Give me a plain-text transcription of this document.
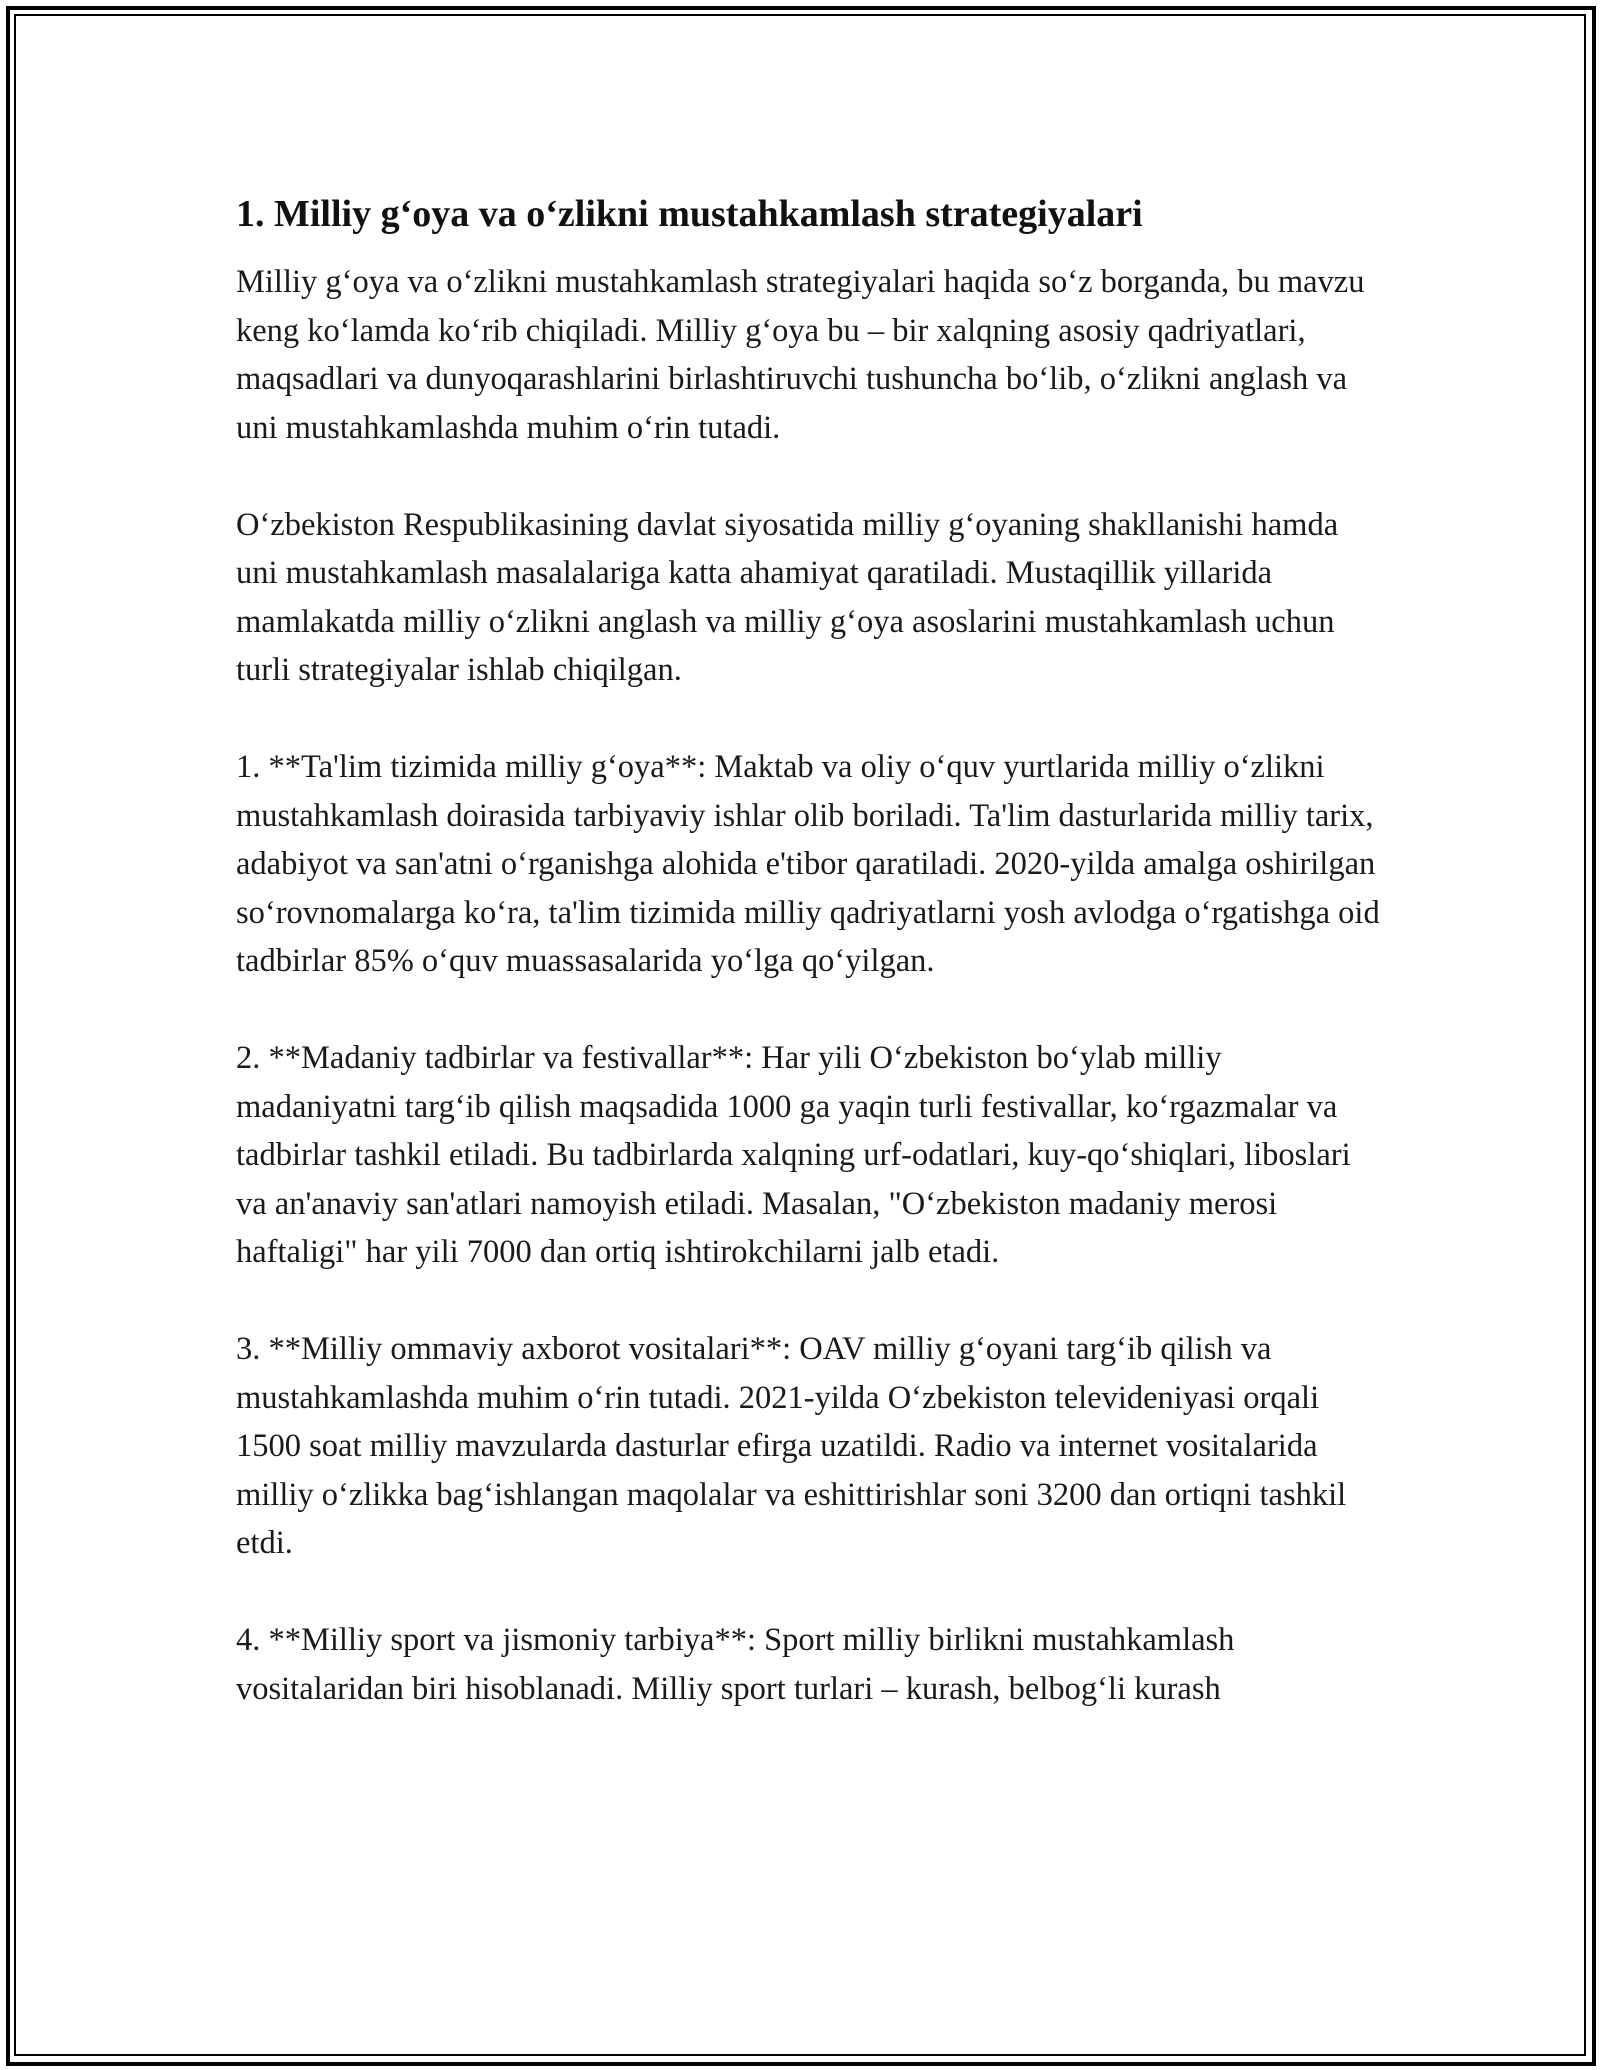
1. Milliy g‘oya va o‘zlikni mustahkamlash strategiyalari

Milliy g‘oya va o‘zlikni mustahkamlash strategiyalari haqida so‘z borganda, bu mavzu keng ko‘lamda ko‘rib chiqiladi. Milliy g‘oya bu – bir xalqning asosiy qadriyatlari, maqsadlari va dunyoqarashlarini birlashtiruvchi tushuncha bo‘lib, o‘zlikni anglash va uni mustahkamlashda muhim o‘rin tutadi.

O‘zbekiston Respublikasining davlat siyosatida milliy g‘oyaning shakllanishi hamda uni mustahkamlash masalalariga katta ahamiyat qaratiladi. Mustaqillik yillarida mamlakatda milliy o‘zlikni anglash va milliy g‘oya asoslarini mustahkamlash uchun turli strategiyalar ishlab chiqilgan.

1. **Ta'lim tizimida milliy g‘oya**: Maktab va oliy o‘quv yurtlarida milliy o‘zlikni mustahkamlash doirasida tarbiyaviy ishlar olib boriladi. Ta'lim dasturlarida milliy tarix, adabiyot va san'atni o‘rganishga alohida e'tibor qaratiladi. 2020-yilda amalga oshirilgan so‘rovnomalarga ko‘ra, ta'lim tizimida milliy qadriyatlarni yosh avlodga o‘rgatishga oid tadbirlar 85% o‘quv muassasalarida yo‘lga qo‘yilgan.

2. **Madaniy tadbirlar va festivallar**: Har yili O‘zbekiston bo‘ylab milliy madaniyatni targ‘ib qilish maqsadida 1000 ga yaqin turli festivallar, ko‘rgazmalar va tadbirlar tashkil etiladi. Bu tadbirlarda xalqning urf-odatlari, kuy-qo‘shiqlari, liboslari va an'anaviy san'atlari namoyish etiladi. Masalan, "O‘zbekiston madaniy merosi haftaligi" har yili 7000 dan ortiq ishtirokchilarni jalb etadi.

3. **Milliy ommaviy axborot vositalari**: OAV milliy g‘oyani targ‘ib qilish va mustahkamlashda muhim o‘rin tutadi. 2021-yilda O‘zbekiston televideniyasi orqali 1500 soat milliy mavzularda dasturlar efirga uzatildi. Radio va internet vositalarida milliy o‘zlikka bag‘ishlangan maqolalar va eshittirishlar soni 3200 dan ortiqni tashkil etdi.

4. **Milliy sport va jismoniy tarbiya**: Sport milliy birlikni mustahkamlash vositalaridan biri hisoblanadi. Milliy sport turlari – kurash, belbog‘li kurash
